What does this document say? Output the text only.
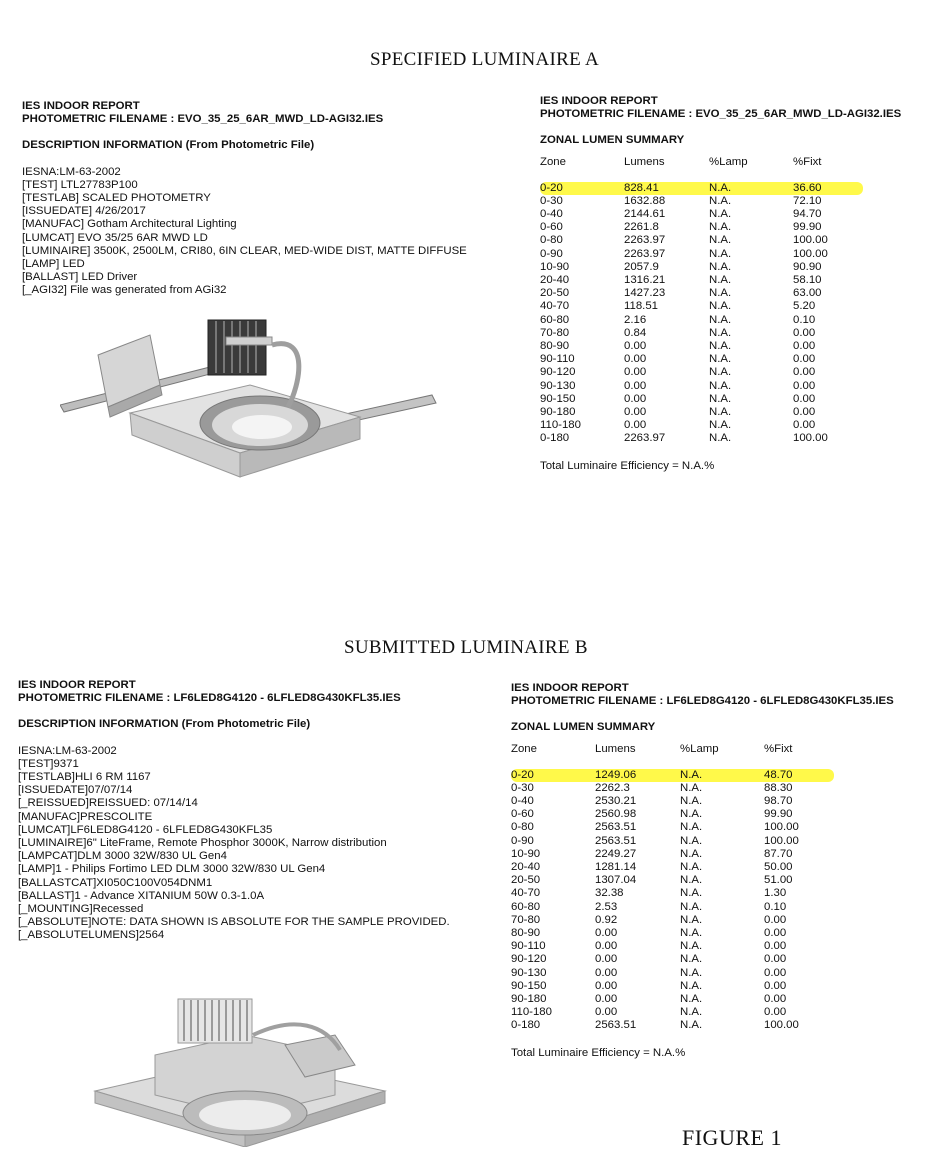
SPECIFIED LUMINAIRE A
IES INDOOR REPORT
PHOTOMETRIC FILENAME : EVO_35_25_6AR_MWD_LD-AGI32.IES
DESCRIPTION INFORMATION (From Photometric File)
IESNA:LM-63-2002
[TEST] LTL27783P100
[TESTLAB] SCALED PHOTOMETRY
[ISSUEDATE] 4/26/2017
[MANUFAC] Gotham Architectural Lighting
[LUMCAT] EVO 35/25 6AR MWD LD
[LUMINAIRE] 3500K, 2500LM, CRI80, 6IN CLEAR, MED-WIDE DIST, MATTE DIFFUSE
[LAMP] LED
[BALLAST] LED Driver
[_AGI32] File was generated from AGi32
IES INDOOR REPORT
PHOTOMETRIC FILENAME : EVO_35_25_6AR_MWD_LD-AGI32.IES
ZONAL LUMEN SUMMARY
Zone	Lumens	%Lamp	%Fixt

0-20	828.41	N.A.	36.60
0-30	1632.88	N.A.	72.10
0-40	2144.61	N.A.	94.70
0-60	2261.8	N.A.	99.90
0-80	2263.97	N.A.	100.00
0-90	2263.97	N.A.	100.00
10-90	2057.9	N.A.	90.90
20-40	1316.21	N.A.	58.10
20-50	1427.23	N.A.	63.00
40-70	118.51	N.A.	5.20
60-80	2.16	N.A.	0.10
70-80	0.84	N.A.	0.00
80-90	0.00	N.A.	0.00
90-110	0.00	N.A.	0.00
90-120	0.00	N.A.	0.00
90-130	0.00	N.A.	0.00
90-150	0.00	N.A.	0.00
90-180	0.00	N.A.	0.00
110-180	0.00	N.A.	0.00
0-180	2263.97	N.A.	100.00
Total Luminaire Efficiency = N.A.%
SUBMITTED LUMINAIRE B
IES INDOOR REPORT
PHOTOMETRIC FILENAME : LF6LED8G4120 - 6LFLED8G430KFL35.IES
DESCRIPTION INFORMATION (From Photometric File)
IESNA:LM-63-2002
[TEST]9371
[TESTLAB]HLI 6 RM 1167
[ISSUEDATE]07/07/14
[_REISSUED]REISSUED: 07/14/14
[MANUFAC]PRESCOLITE
[LUMCAT]LF6LED8G4120 - 6LFLED8G430KFL35
[LUMINAIRE]6" LiteFrame, Remote Phosphor 3000K, Narrow distribution
[LAMPCAT]DLM 3000 32W/830 UL Gen4
[LAMP]1 - Philips Fortimo LED DLM 3000 32W/830 UL Gen4
[BALLASTCAT]XI050C100V054DNM1
[BALLAST]1 - Advance XITANIUM 50W 0.3-1.0A
[_MOUNTING]Recessed
[_ABSOLUTE]NOTE: DATA SHOWN IS ABSOLUTE FOR THE SAMPLE PROVIDED.
[_ABSOLUTELUMENS]2564
IES INDOOR REPORT
PHOTOMETRIC FILENAME : LF6LED8G4120 - 6LFLED8G430KFL35.IES
ZONAL LUMEN SUMMARY
Zone	Lumens	%Lamp	%Fixt

0-20	1249.06	N.A.	48.70
0-30	2262.3	N.A.	88.30
0-40	2530.21	N.A.	98.70
0-60	2560.98	N.A.	99.90
0-80	2563.51	N.A.	100.00
0-90	2563.51	N.A.	100.00
10-90	2249.27	N.A.	87.70
20-40	1281.14	N.A.	50.00
20-50	1307.04	N.A.	51.00
40-70	32.38	N.A.	1.30
60-80	2.53	N.A.	0.10
70-80	0.92	N.A.	0.00
80-90	0.00	N.A.	0.00
90-110	0.00	N.A.	0.00
90-120	0.00	N.A.	0.00
90-130	0.00	N.A.	0.00
90-150	0.00	N.A.	0.00
90-180	0.00	N.A.	0.00
110-180	0.00	N.A.	0.00
0-180	2563.51	N.A.	100.00
Total Luminaire Efficiency = N.A.%
FIGURE 1
